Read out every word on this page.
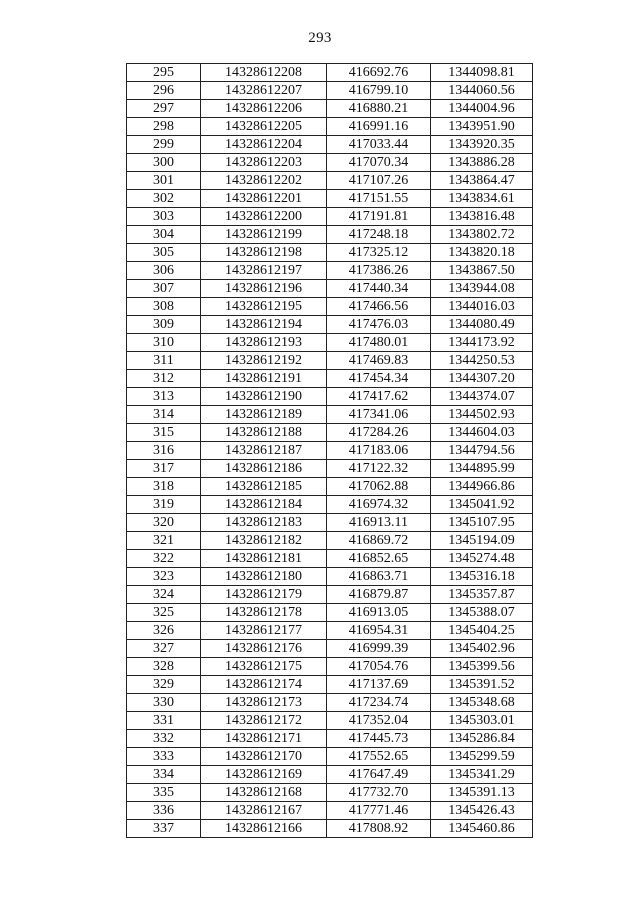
293
295	14328612208	416692.76	1344098.81
296	14328612207	416799.10	1344060.56
297	14328612206	416880.21	1344004.96
298	14328612205	416991.16	1343951.90
299	14328612204	417033.44	1343920.35
300	14328612203	417070.34	1343886.28
301	14328612202	417107.26	1343864.47
302	14328612201	417151.55	1343834.61
303	14328612200	417191.81	1343816.48
304	14328612199	417248.18	1343802.72
305	14328612198	417325.12	1343820.18
306	14328612197	417386.26	1343867.50
307	14328612196	417440.34	1343944.08
308	14328612195	417466.56	1344016.03
309	14328612194	417476.03	1344080.49
310	14328612193	417480.01	1344173.92
311	14328612192	417469.83	1344250.53
312	14328612191	417454.34	1344307.20
313	14328612190	417417.62	1344374.07
314	14328612189	417341.06	1344502.93
315	14328612188	417284.26	1344604.03
316	14328612187	417183.06	1344794.56
317	14328612186	417122.32	1344895.99
318	14328612185	417062.88	1344966.86
319	14328612184	416974.32	1345041.92
320	14328612183	416913.11	1345107.95
321	14328612182	416869.72	1345194.09
322	14328612181	416852.65	1345274.48
323	14328612180	416863.71	1345316.18
324	14328612179	416879.87	1345357.87
325	14328612178	416913.05	1345388.07
326	14328612177	416954.31	1345404.25
327	14328612176	416999.39	1345402.96
328	14328612175	417054.76	1345399.56
329	14328612174	417137.69	1345391.52
330	14328612173	417234.74	1345348.68
331	14328612172	417352.04	1345303.01
332	14328612171	417445.73	1345286.84
333	14328612170	417552.65	1345299.59
334	14328612169	417647.49	1345341.29
335	14328612168	417732.70	1345391.13
336	14328612167	417771.46	1345426.43
337	14328612166	417808.92	1345460.86
